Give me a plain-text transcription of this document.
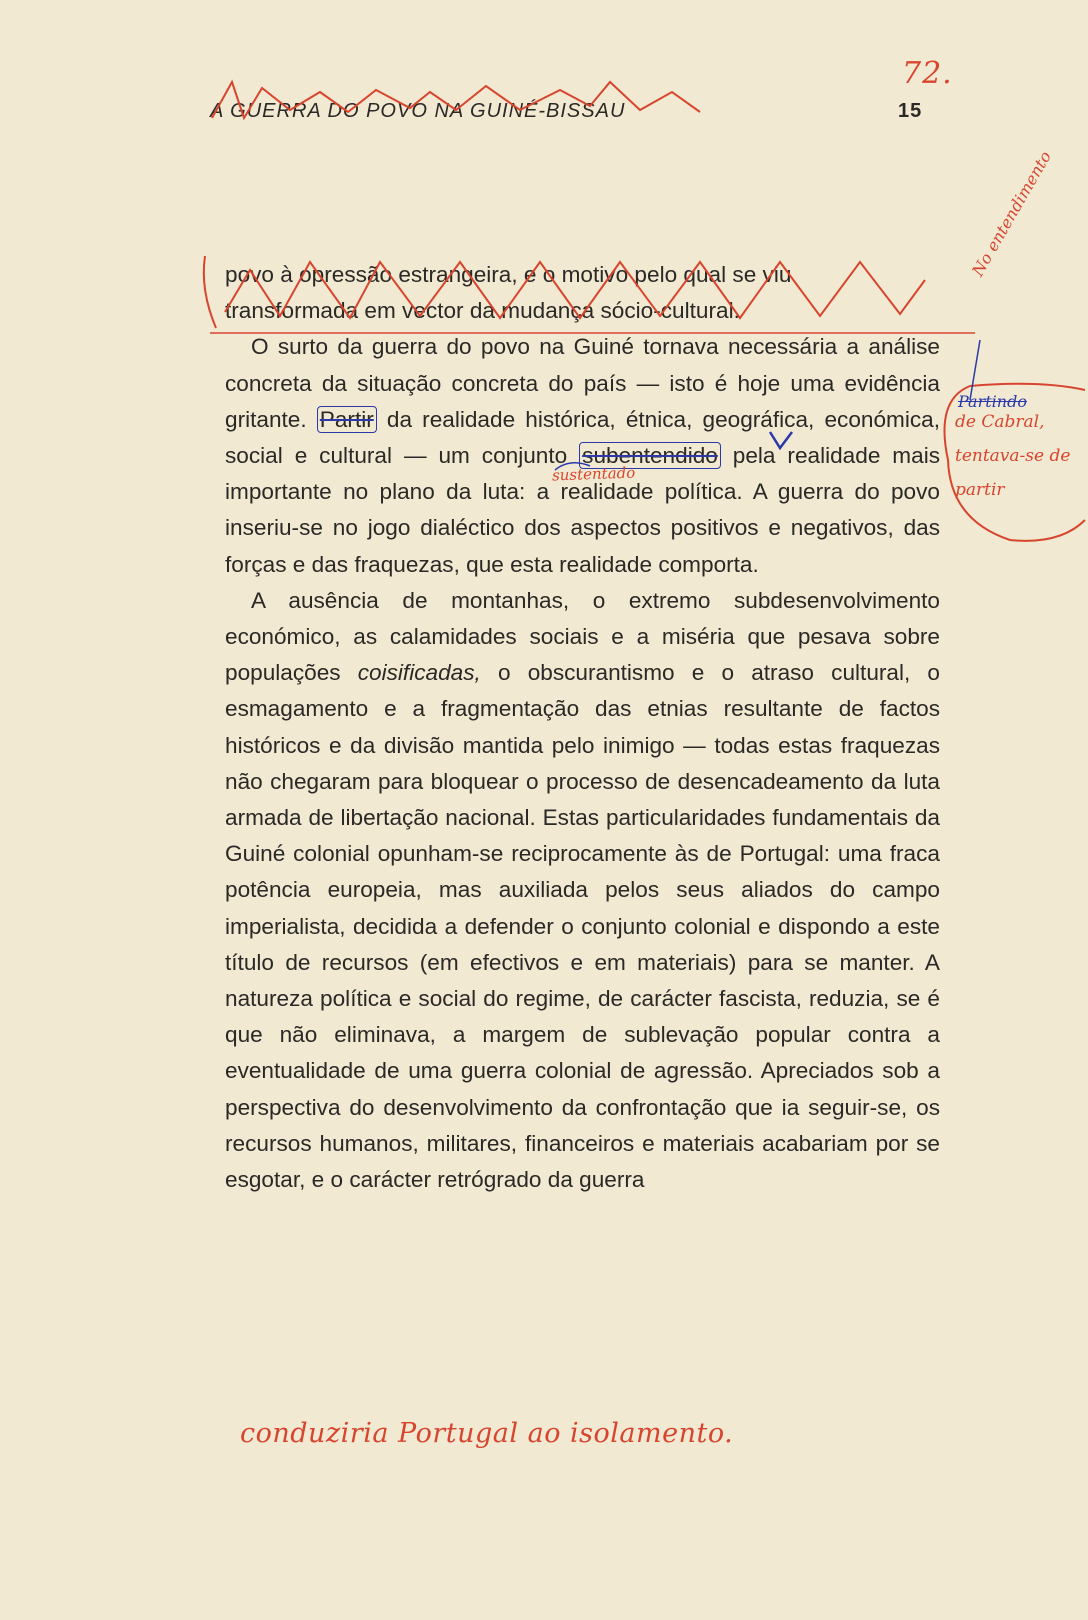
A GUERRA DO POVO NA GUINÉ-BISSAU	15
72.

povo à opressão estrangeira, e o motivo pelo qual se viu

transformada em vector da mudança sócio-cultural.

O surto da guerra do povo na Guiné tornava necessária a análise concreta da situação concreta do país — isto é hoje uma evidência gritante. Partir da realidade histórica, étnica, geográfica, económica, social e cultural — um conjunto subentendido pela realidade mais importante no plano da luta: a realidade política. A guerra do povo inseriu-se no jogo dialéctico dos aspectos positivos e negativos, das forças e das fraquezas, que esta realidade comporta.

A ausência de montanhas, o extremo subdesenvolvimento económico, as calamidades sociais e a miséria que pesava sobre populações coisificadas, o obscurantismo e o atraso cultural, o esmagamento e a fragmentação das etnias resultante de factos históricos e da divisão mantida pelo inimigo — todas estas fraquezas não chegaram para bloquear o processo de desencadeamento da luta armada de libertação nacional. Estas particularidades fundamentais da Guiné colonial opunham-se reciprocamente às de Portugal: uma fraca potência europeia, mas auxiliada pelos seus aliados do campo imperialista, decidida a defender o conjunto colonial e dispondo a este título de recursos (em efectivos e em materiais) para se manter. A natureza política e social do regime, de carácter fascista, reduzia, se é que não eliminava, a margem de sublevação popular contra a eventualidade de uma guerra colonial de agressão. Apreciados sob a perspectiva do desenvolvimento da confrontação que ia seguir-se, os recursos humanos, militares, financeiros e materiais acabariam por se esgotar, e o carácter retrógrado da guerra

sustentado
Partindo
de Cabral,
tentava-se de
partir
No entendimento
conduziria Portugal ao isolamento.
